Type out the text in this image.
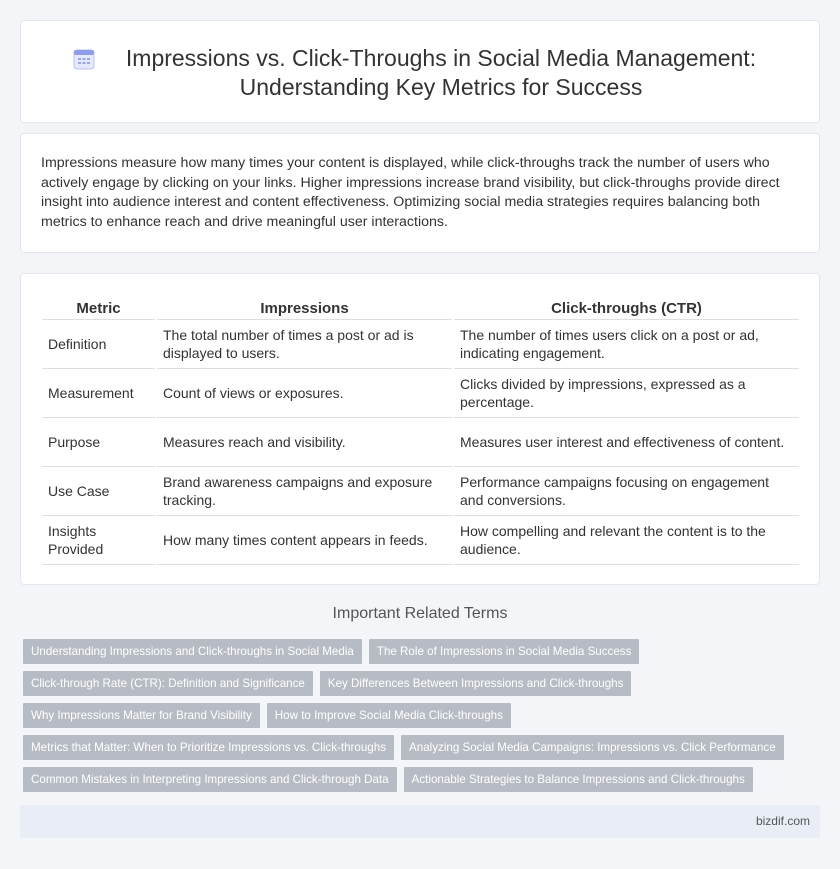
Impressions vs. Click-Throughs in Social Media Management: Understanding Key Metrics for Success

Impressions measure how many times your content is displayed, while click-throughs track the number of users who actively engage by clicking on your links. Higher impressions increase brand visibility, but click-throughs provide direct insight into audience interest and content effectiveness. Optimizing social media strategies requires balancing both metrics to enhance reach and drive meaningful user interactions.

Metric		Impressions		Click-throughs (CTR)
Definition		The total number of times a post or ad is displayed to users.		The number of times users click on a post or ad, indicating engagement.
Measurement		Count of views or exposures.		Clicks divided by impressions, expressed as a percentage.
Purpose		Measures reach and visibility.		Measures user interest and effectiveness of content.
Use Case		Brand awareness campaigns and exposure tracking.		Performance campaigns focusing on engagement and conversions.
Insights Provided		How many times content appears in feeds.		How compelling and relevant the content is to the audience.
Important Related Terms
Understanding Impressions and Click-throughs in Social Media	The Role of Impressions in Social Media Success
Click-through Rate (CTR): Definition and Significance	Key Differences Between Impressions and Click-throughs
Why Impressions Matter for Brand Visibility	How to Improve Social Media Click-throughs
Metrics that Matter: When to Prioritize Impressions vs. Click-throughs	Analyzing Social Media Campaigns: Impressions vs. Click Performance
Common Mistakes in Interpreting Impressions and Click-through Data	Actionable Strategies to Balance Impressions and Click-throughs
bizdif.com
